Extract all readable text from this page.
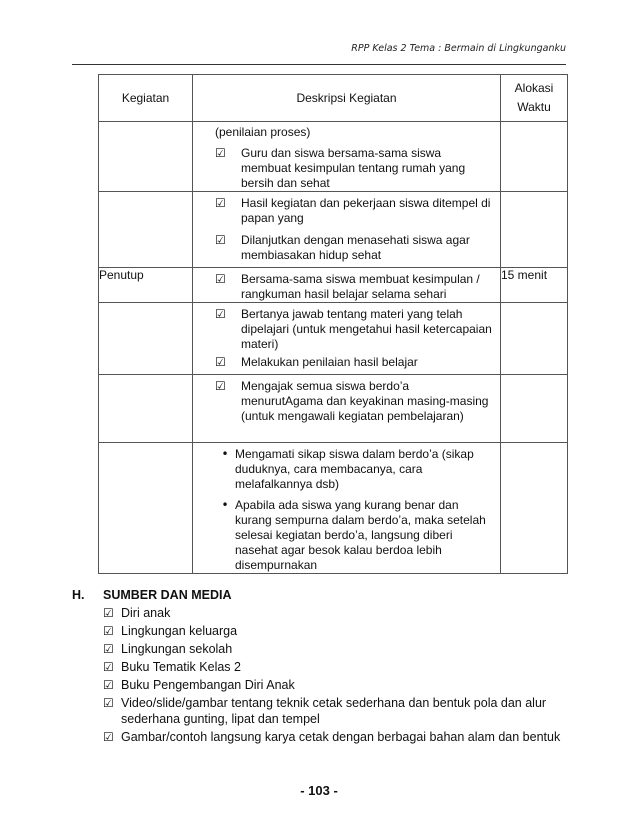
RPP Kelas 2 Tema : Bermain di Lingkunganku
Kegiatan	Deskripsi Kegiatan	Alokasi
Waktu

	(penilaian proses)
☑ Guru dan siswa bersama-sama siswa membuat kesimpulan tentang rumah yang bersih dan sehat	

	☑ Hasil kegiatan dan pekerjaan siswa ditempel di papan yang
☑ Dilanjutkan dengan menasehati siswa agar membiasakan hidup sehat	

Penutup	☑ Bersama-sama siswa membuat kesimpulan / rangkuman hasil belajar selama sehari	15 menit

	☑ Bertanya jawab tentang materi yang telah dipelajari (untuk mengetahui hasil ketercapaian materi)
☑ Melakukan penilaian hasil belajar	

	☑ Mengajak semua siswa berdo’a menurutAgama dan keyakinan masing-masing (untuk mengawali kegiatan pembelajaran)	

	• Mengamati sikap siswa dalam berdo’a (sikap duduknya, cara membacanya, cara melafalkannya dsb)
• Apabila ada siswa yang kurang benar dan kurang sempurna dalam berdo’a, maka setelah selesai kegiatan berdo’a, langsung diberi nasehat agar besok kalau berdoa lebih disempurnakan	

H.	SUMBER DAN MEDIA
☑ Diri anak
☑ Lingkungan keluarga
☑ Lingkungan sekolah
☑ Buku Tematik Kelas 2
☑ Buku Pengembangan Diri Anak
☑ Video/slide/gambar tentang teknik cetak sederhana dan bentuk pola dan alur sederhana gunting, lipat dan tempel
☑ Gambar/contoh langsung karya cetak dengan berbagai bahan alam dan bentuk
- 103 -
